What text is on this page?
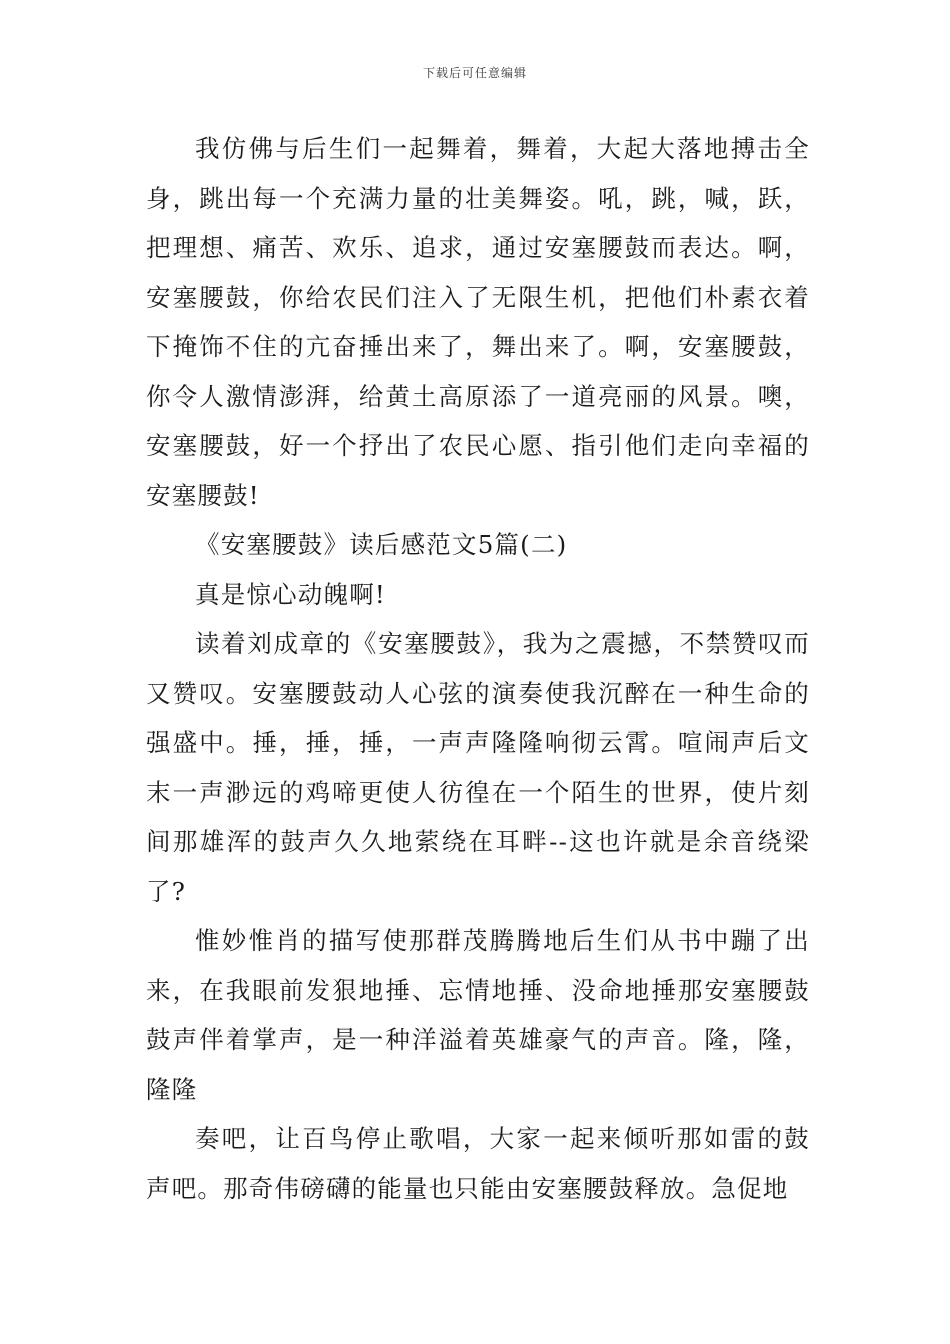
下载后可任意编辑

我仿佛与后生们一起舞着，舞着，大起大落地搏击全身，跳出每一个充满力量的壮美舞姿。吼，跳，喊，跃，把理想、痛苦、欢乐、追求，通过安塞腰鼓而表达。啊，安塞腰鼓，你给农民们注入了无限生机，把他们朴素衣着下掩饰不住的亢奋捶出来了，舞出来了。啊，安塞腰鼓，你令人激情澎湃，给黄土高原添了一道亮丽的风景。噢，安塞腰鼓，好一个抒出了农民心愿、指引他们走向幸福的安塞腰鼓!

《安塞腰鼓》读后感范文5篇(二)

真是惊心动魄啊!

读着刘成章的《安塞腰鼓》，我为之震撼，不禁赞叹而又赞叹。安塞腰鼓动人心弦的演奏使我沉醉在一种生命的强盛中。捶，捶，捶，一声声隆隆响彻云霄。喧闹声后文末一声渺远的鸡啼更使人彷徨在一个陌生的世界，使片刻间那雄浑的鼓声久久地萦绕在耳畔--这也许就是余音绕梁了?

惟妙惟肖的描写使那群茂腾腾地后生们从书中蹦了出来，在我眼前发狠地捶、忘情地捶、没命地捶那安塞腰鼓鼓声伴着掌声，是一种洋溢着英雄豪气的声音。隆，隆，隆隆

奏吧，让百鸟停止歌唱，大家一起来倾听那如雷的鼓声吧。那奇伟磅礴的能量也只能由安塞腰鼓释放。急促地
